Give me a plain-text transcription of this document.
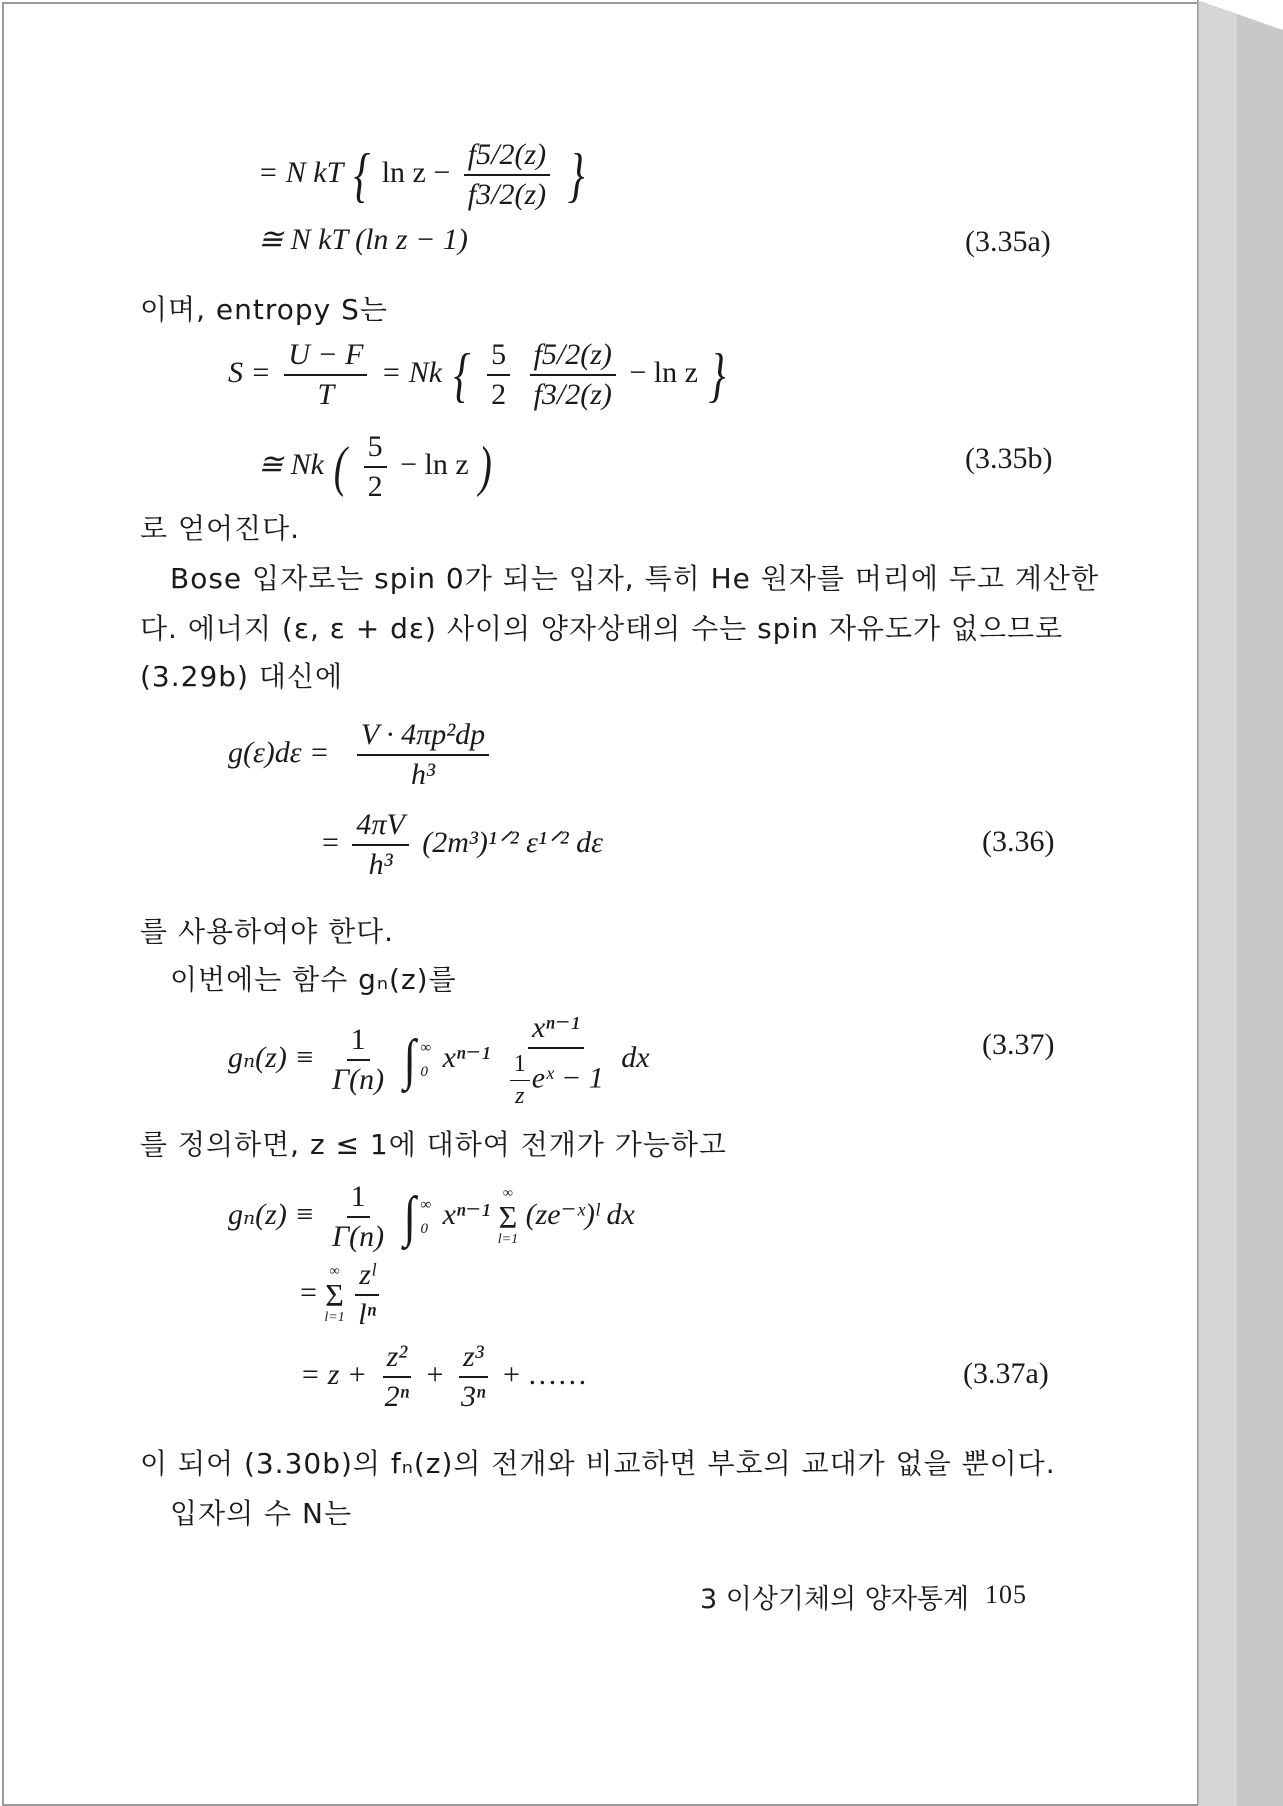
= N kT { $\ln z - \frac{f5/2(z)}{f3/2(z)}$ }
≅ N kT (ln z − 1)	(3.35a)
이며, entropy S는
$S = \frac{U - F}{T} = Nk$ { $\frac{5}{2}$
$\frac{f5/2(z)}{f3/2(z)} - \ln z$ }
≅ Nk ( $\frac{5}{2} - \ln z$ )	(3.35b)
로 얻어진다.
Bose 입자로는 spin 0가 되는 입자, 특히 He 원자를 머리에 두고 계산한
다. 에너지 (ε, ε + dε) 사이의 양자상태의 수는 spin 자유도가 없으므로
(3.29b) 대신에
$g(\varepsilon)d\varepsilon = \frac{\text{V · 4πp²dp}}{\text{h³}}$
= $\frac{4\pi V}{\text{h³}}$ (2m³)¹ᐟ² ε¹ᐟ² dε	(3.36)
를 사용하여야 한다.
이번에는 함수 gₙ(z)를
$g_n(z) \equiv \frac{1}{\Gamma(n)}$ ∫ ∞
0 $x^{n-1} \frac{\text{xⁿ⁻¹}}{\frac{1}{z} eˣ - 1}$ dx	(3.37)
를 정의하면, z ≤ 1에 대하여 전개가 가능하고
$g_n(z) \equiv \frac{1}{\Gamma(n)}$ ∫ ∞
0 xⁿ⁻¹
∞
Σ
l=1
(ze⁻ˣ)ˡ dx
=
∞
Σ
l=1
$\frac{\text{zˡ}}{\text{lⁿ}}$
= $z + \frac{\text{z²}}{\text{2ⁿ}} + \frac{\text{z³}}{\text{3ⁿ}}$ + ……	(3.37a)
이 되어 (3.30b)의 fₙ(z)의 전개와 비교하면 부호의 교대가 없을 뿐이다.
입자의 수 N는
3 이상기체의 양자통계 105
